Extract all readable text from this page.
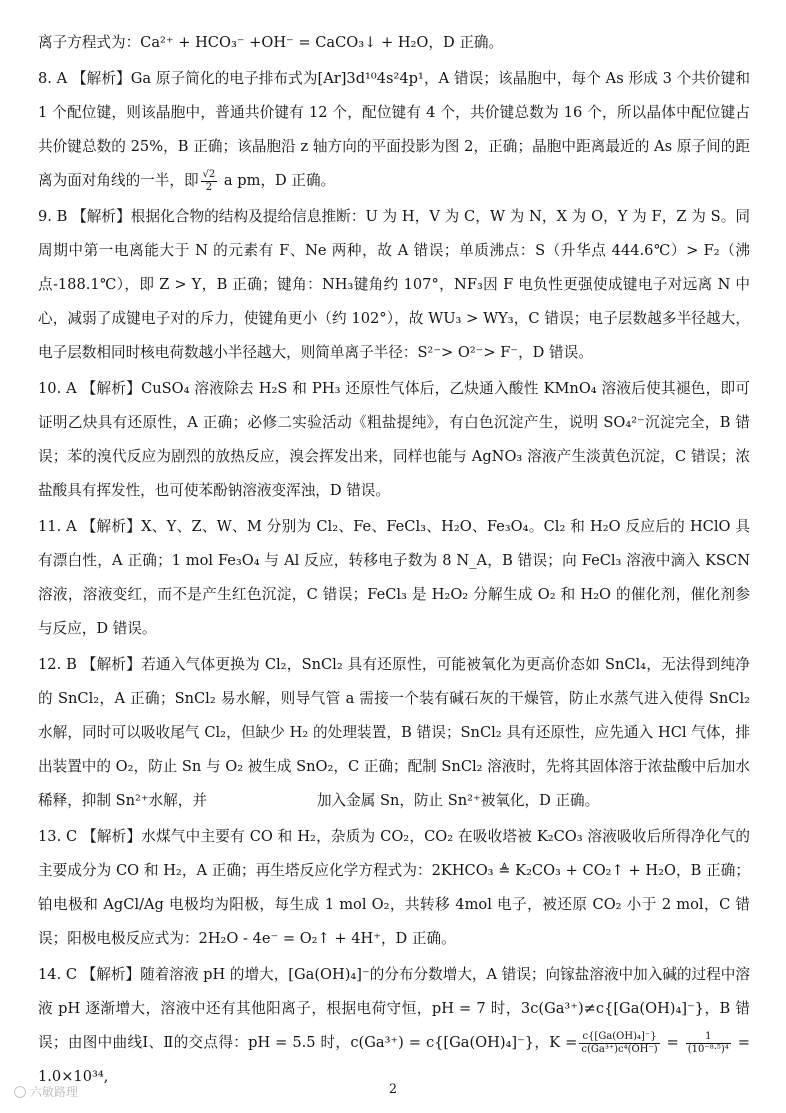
离子方程式为：Ca²⁺ + HCO₃⁻ +OH⁻ = CaCO₃↓ + H₂O，D 正确。

8. A 【解析】Ga 原子简化的电子排布式为[Ar]3d¹⁰4s²4p¹，A 错误；该晶胞中，每个 As 形成 3 个共价键和 1 个配位键，则该晶胞中，普通共价键有 12 个，配位键有 4 个，共价键总数为 16 个，所以晶体中配位键占共价键总数的 25%，B 正确；该晶胞沿 z 轴方向的平面投影为图 2，正确；晶胞中距离最近的 As 原子间的距离为面对角线的一半，即 $\frac{√2}{2}$ a pm，D 正确。

9. B 【解析】根据化合物的结构及提给信息推断：U 为 H，V 为 C，W 为 N，X 为 O，Y 为 F，Z 为 S。同周期中第一电离能大于 N 的元素有 F、Ne 两种，故 A 错误；单质沸点：S（升华点 444.6℃）> F₂（沸点-188.1℃），即 Z > Y，B 正确；键角：NH₃键角约 107°，NF₃因 F 电负性更强使成键电子对远离 N 中心，减弱了成键电子对的斥力，使键角更小（约 102°），故 WU₃ > WY₃，C 错误；电子层数越多半径越大，电子层数相同时核电荷数越小半径越大，则简单离子半径：S²⁻> O²⁻> F⁻，D 错误。

10. A 【解析】CuSO₄ 溶液除去 H₂S 和 PH₃ 还原性气体后，乙炔通入酸性 KMnO₄ 溶液后使其褪色，即可证明乙炔具有还原性，A 正确；必修二实验活动《粗盐提纯》，有白色沉淀产生，说明 SO₄²⁻沉淀完全，B 错误；苯的溴代反应为剧烈的放热反应，溴会挥发出来，同样也能与 AgNO₃ 溶液产生淡黄色沉淀，C 错误；浓盐酸具有挥发性，也可使苯酚钠溶液变浑浊，D 错误。

11. A 【解析】X、Y、Z、W、M 分别为 Cl₂、Fe、FeCl₃、H₂O、Fe₃O₄。Cl₂ 和 H₂O 反应后的 HClO 具有漂白性，A 正确；1 mol Fe₃O₄ 与 Al 反应，转移电子数为 8 N_A，B 错误；向 FeCl₃ 溶液中滴入 KSCN 溶液，溶液变红，而不是产生红色沉淀，C 错误；FeCl₃ 是 H₂O₂ 分解生成 O₂ 和 H₂O 的催化剂，催化剂参与反应，D 错误。

12. B 【解析】若通入气体更换为 Cl₂，SnCl₂ 具有还原性，可能被氧化为更高价态如 SnCl₄，无法得到纯净的 SnCl₂，A 正确；SnCl₂ 易水解，则导气管 a 需接一个装有碱石灰的干燥管，防止水蒸气进入使得 SnCl₂ 水解，同时可以吸收尾气 Cl₂，但缺少 H₂ 的处理装置，B 错误；SnCl₂ 具有还原性，应先通入 HCl 气体，排出装置中的 O₂，防止 Sn 与 O₂ 被生成 SnO₂，C 正确；配制 SnCl₂ 溶液时，先将其固体溶于浓盐酸中后加水稀释，抑制 Sn²⁺水解，并	加入金属 Sn，防止 Sn²⁺被氧化，D 正确。

13. C 【解析】水煤气中主要有 CO 和 H₂，杂质为 CO₂，CO₂ 在吸收塔被 K₂CO₃ 溶液吸收后所得净化气的主要成分为 CO 和 H₂，A 正确；再生塔反应化学方程式为：2KHCO₃ ≜ K₂CO₃ + CO₂↑ + H₂O，B 正确；铂电极和 AgCl/Ag 电极均为阳极，每生成 1 mol O₂，共转移 4mol 电子，被还原 CO₂ 小于 2 mol，C 错误；阳极电极反应式为：2H₂O - 4e⁻ = O₂↑ + 4H⁺，D 正确。

14. C 【解析】随着溶液 pH 的增大，[Ga(OH)₄]⁻的分布分数增大，A 错误；向镓盐溶液中加入碱的过程中溶液 pH 逐渐增大，溶液中还有其他阳离子，根据电荷守恒，pH = 7 时，3c(Ga³⁺)≠c{[Ga(OH)₄]⁻}，B 错误；由图中曲线Ⅰ、Ⅱ的交点得：pH = 5.5 时，c(Ga³⁺) = c{[Ga(OH)₄]⁻}，$K = \frac{\text{c\{[Ga(OH)₄]⁻\}}}{\text{c(Ga³⁺)c⁴(OH⁻)}} = \frac{1}{\text{(10⁻⁸·⁵)⁴}} = 1.0\times 10^{34}$,

六敏路理	2
